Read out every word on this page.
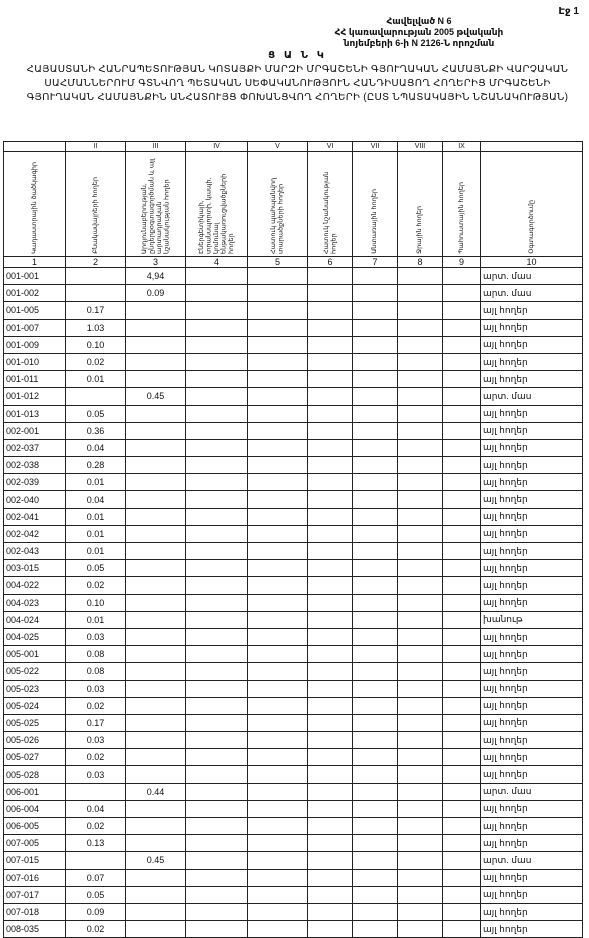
Էջ 1
Հավելված N 6
ՀՀ կառավարության 2005 թվականի
նոյեմբերի 6-ի N 2126-Ն որոշման
Ց Ա Ն Կ
ՀԱՅԱՍՏԱՆԻ ՀԱՆՐԱՊԵՏՈՒԹՅԱՆ ԿՈՏԱՅՔԻ ՄԱՐԶԻ ՄՐԳԱՇԵՆԻ ԳՅՈՒՂԱԿԱՆ ՀԱՄԱՅՆՔԻ ՎԱՐՉԱԿԱՆ ՍԱՀՄԱՆՆԵՐՈՒՄ ԳՏՆՎՈՂ ՊԵՏԱԿԱՆ ՍԵՓԱԿԱՆՈՒԹՅՈՒՆ ՀԱՆԴԻՍԱՑՈՂ ՀՈՂԵՐԻՑ ՄՐԳԱՇԵՆԻ ԳՅՈՒՂԱԿԱՆ ՀԱՄԱՅՆՔԻՆ ԱՆՀԱՏՈՒՅՑ ՓՈԽԱՆՑՎՈՂ ՀՈՂԵՐԻ (ԸՍՏ ՆՊԱՏԱԿԱՅԻՆ ՆՇԱՆԱԿՈՒԹՅԱՆ)
	II	III	IV	V	VI	VII	VIII	IX	

Կադաստրային ծածկագիր	Բնակավայրերի հողեր	Արդյունաբերության, ընդերքօգտագործման և այլ արտադրական նշանակության հողեր	Էներգետիկայի, տրանսպորտի, կապի, կոմունալ ենթակառուցվածքների հողեր	Հատուկ պահպանվող տարածքների հողեր	Հատուկ նշանակության հողեր	Անտառային հողեր	Ջրային հողեր	Պահուստային հողեր	Օգտագործումը

1	2	3	4	5	6	7	8	9	10
001-001		4,94							արտ. մաս
001-002		0.09							արտ. մաս
001-005	0.17								այլ հողեր
001-007	1.03								այլ հողեր
001-009	0.10								այլ հողեր
001-010	0.02								այլ հողեր
001-011	0.01								այլ հողեր
001-012		0.45							արտ. մաս
001-013	0.05								այլ հողեր
002-001	0.36								այլ հողեր
002-037	0.04								այլ հողեր
002-038	0.28								այլ հողեր
002-039	0.01								այլ հողեր
002-040	0.04								այլ հողեր
002-041	0.01								այլ հողեր
002-042	0.01								այլ հողեր
002-043	0.01								այլ հողեր
003-015	0.05								այլ հողեր
004-022	0.02								այլ հողեր
004-023	0.10								այլ հողեր
004-024	0.01								խանութ
004-025	0.03								այլ հողեր
005-001	0.08								այլ հողեր
005-022	0.08								այլ հողեր
005-023	0.03								այլ հողեր
005-024	0.02								այլ հողեր
005-025	0.17								այլ հողեր
005-026	0.03								այլ հողեր
005-027	0.02								այլ հողեր
005-028	0.03								այլ հողեր
006-001		0.44							արտ. մաս
006-004	0.04								այլ հողեր
006-005	0.02								այլ հողեր
007-005	0.13								այլ հողեր
007-015		0.45							արտ. մաս
007-016	0.07								այլ հողեր
007-017	0.05								այլ հողեր
007-018	0.09								այլ հողեր
008-035	0.02								այլ հողեր
